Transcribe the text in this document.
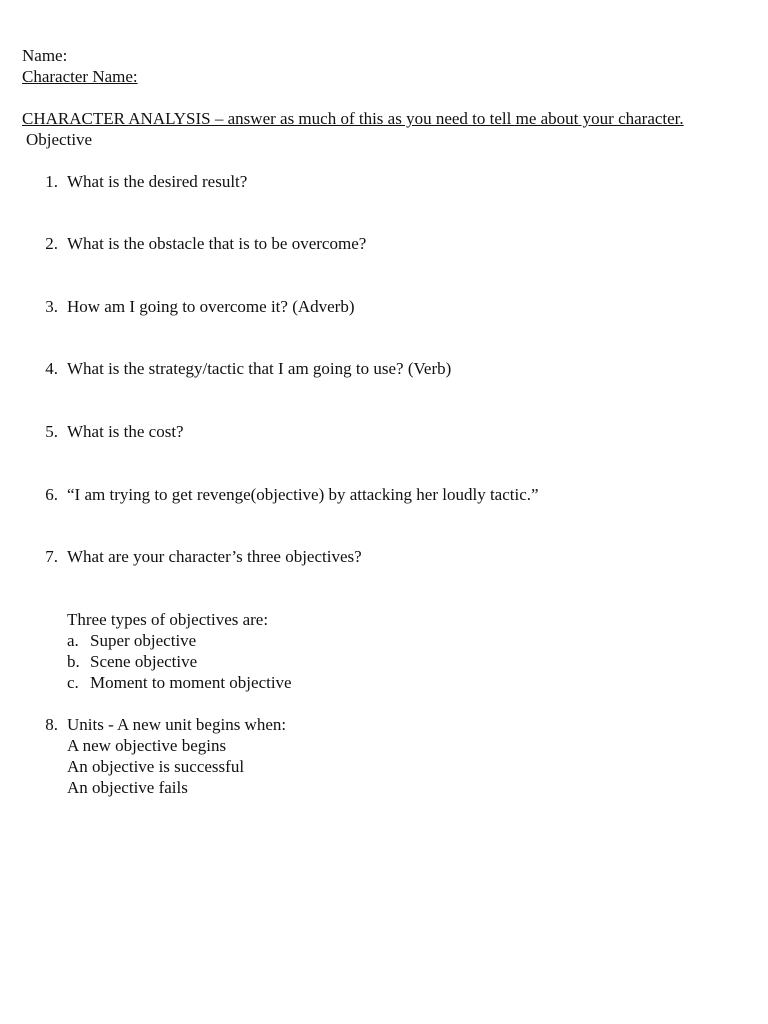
Name:
Character Name:
CHARACTER ANALYSIS – answer as much of this as you need to tell me about your character.
Objective
1. What is the desired result?
2. What is the obstacle that is to be overcome?
3. How am I going to overcome it? (Adverb)
4. What is the strategy/tactic that I am going to use? (Verb)
5. What is the cost?
6. “I am trying to get revenge(objective) by attacking her loudly tactic.”
7. What are your character’s three objectives?
Three types of objectives are:
a. Super objective
b. Scene objective
c. Moment to moment objective
8. Units - A new unit begins when:
A new objective begins
An objective is successful
An objective fails
